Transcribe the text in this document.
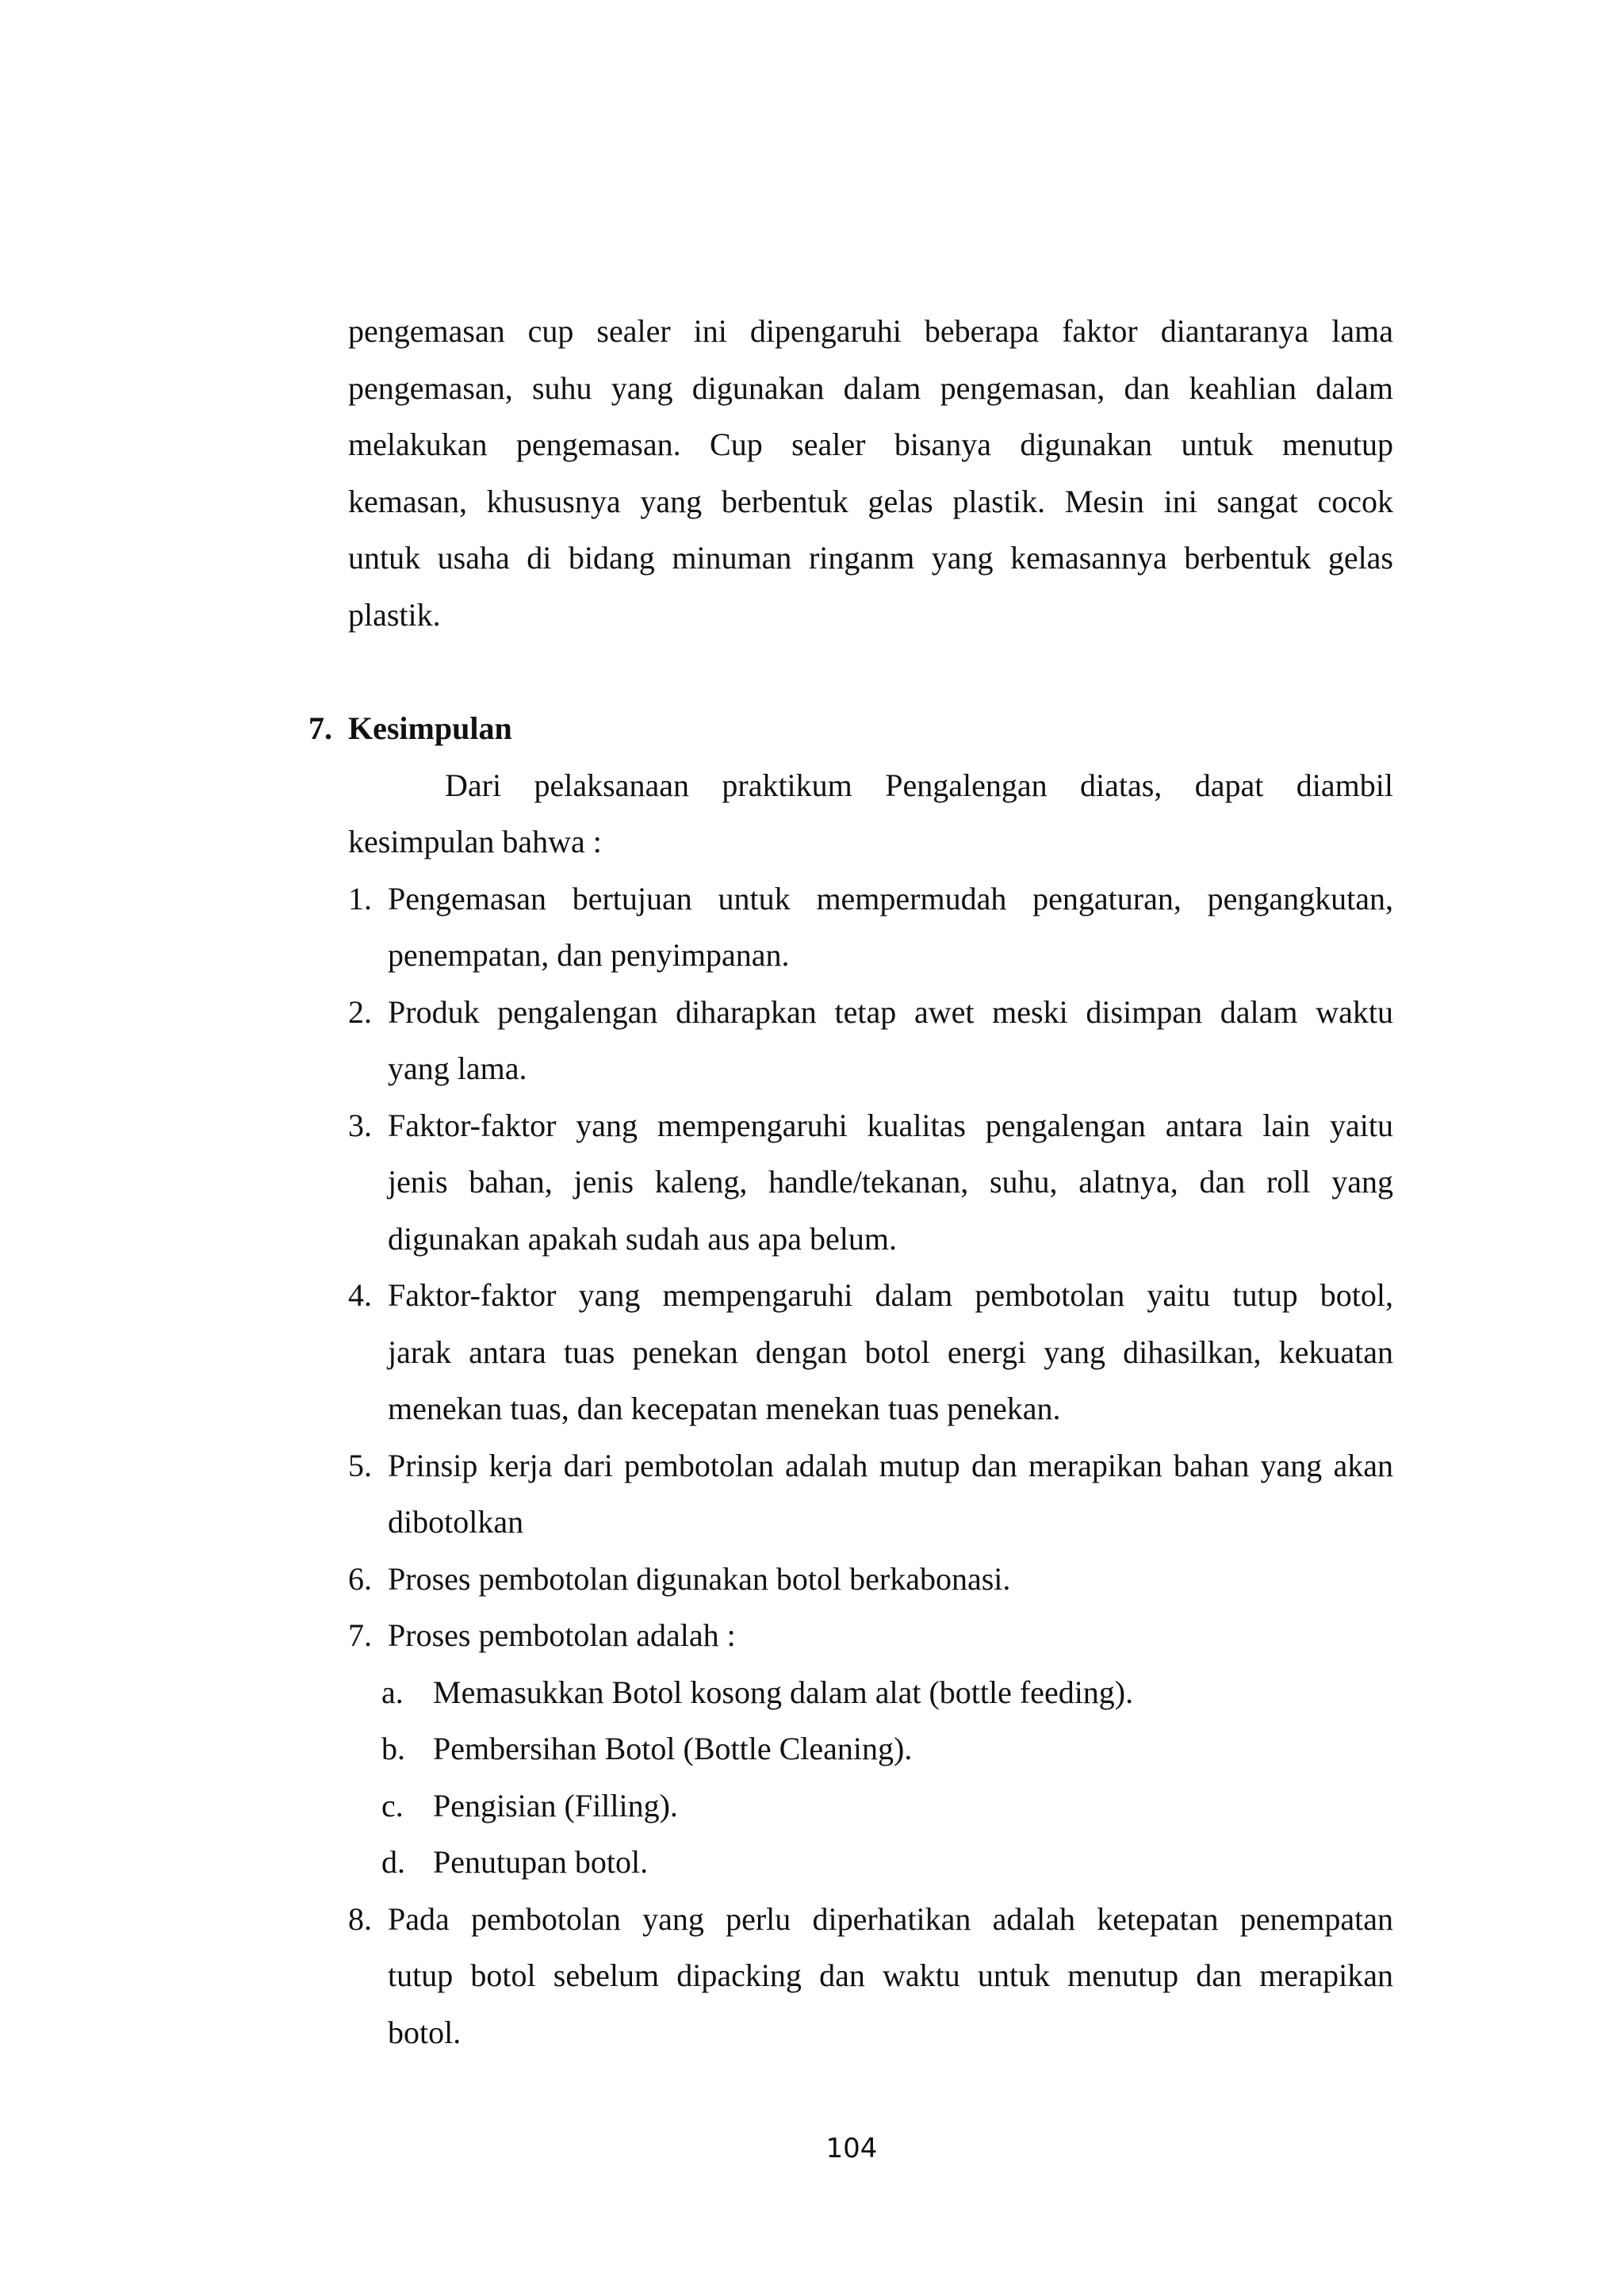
pengemasan cup sealer ini dipengaruhi beberapa faktor diantaranya lama
pengemasan, suhu yang digunakan dalam pengemasan, dan keahlian dalam
melakukan pengemasan. Cup sealer bisanya digunakan untuk menutup
kemasan, khususnya yang berbentuk gelas plastik. Mesin ini sangat cocok
untuk usaha di bidang minuman ringanm yang kemasannya berbentuk gelas
plastik.
7. Kesimpulan
Dari pelaksanaan praktikum Pengalengan diatas, dapat diambil
kesimpulan bahwa :
1. Pengemasan bertujuan untuk mempermudah pengaturan, pengangkutan,
penempatan, dan penyimpanan.
2. Produk pengalengan diharapkan tetap awet meski disimpan dalam waktu
yang lama.
3. Faktor-faktor yang mempengaruhi kualitas pengalengan antara lain yaitu
jenis bahan, jenis kaleng, handle/tekanan, suhu, alatnya, dan roll yang
digunakan apakah sudah aus apa belum.
4. Faktor-faktor yang mempengaruhi dalam pembotolan yaitu tutup botol,
jarak antara tuas penekan dengan botol energi yang dihasilkan, kekuatan
menekan tuas, dan kecepatan menekan tuas penekan.
5. Prinsip kerja dari pembotolan adalah mutup dan merapikan bahan yang akan
dibotolkan
6. Proses pembotolan digunakan botol berkabonasi.
7. Proses pembotolan adalah :
a. Memasukkan Botol kosong dalam alat (bottle feeding).
b. Pembersihan Botol (Bottle Cleaning).
c. Pengisian (Filling).
d. Penutupan botol.
8. Pada pembotolan yang perlu diperhatikan adalah ketepatan penempatan
tutup botol sebelum dipacking dan waktu untuk menutup dan merapikan
botol.
104
